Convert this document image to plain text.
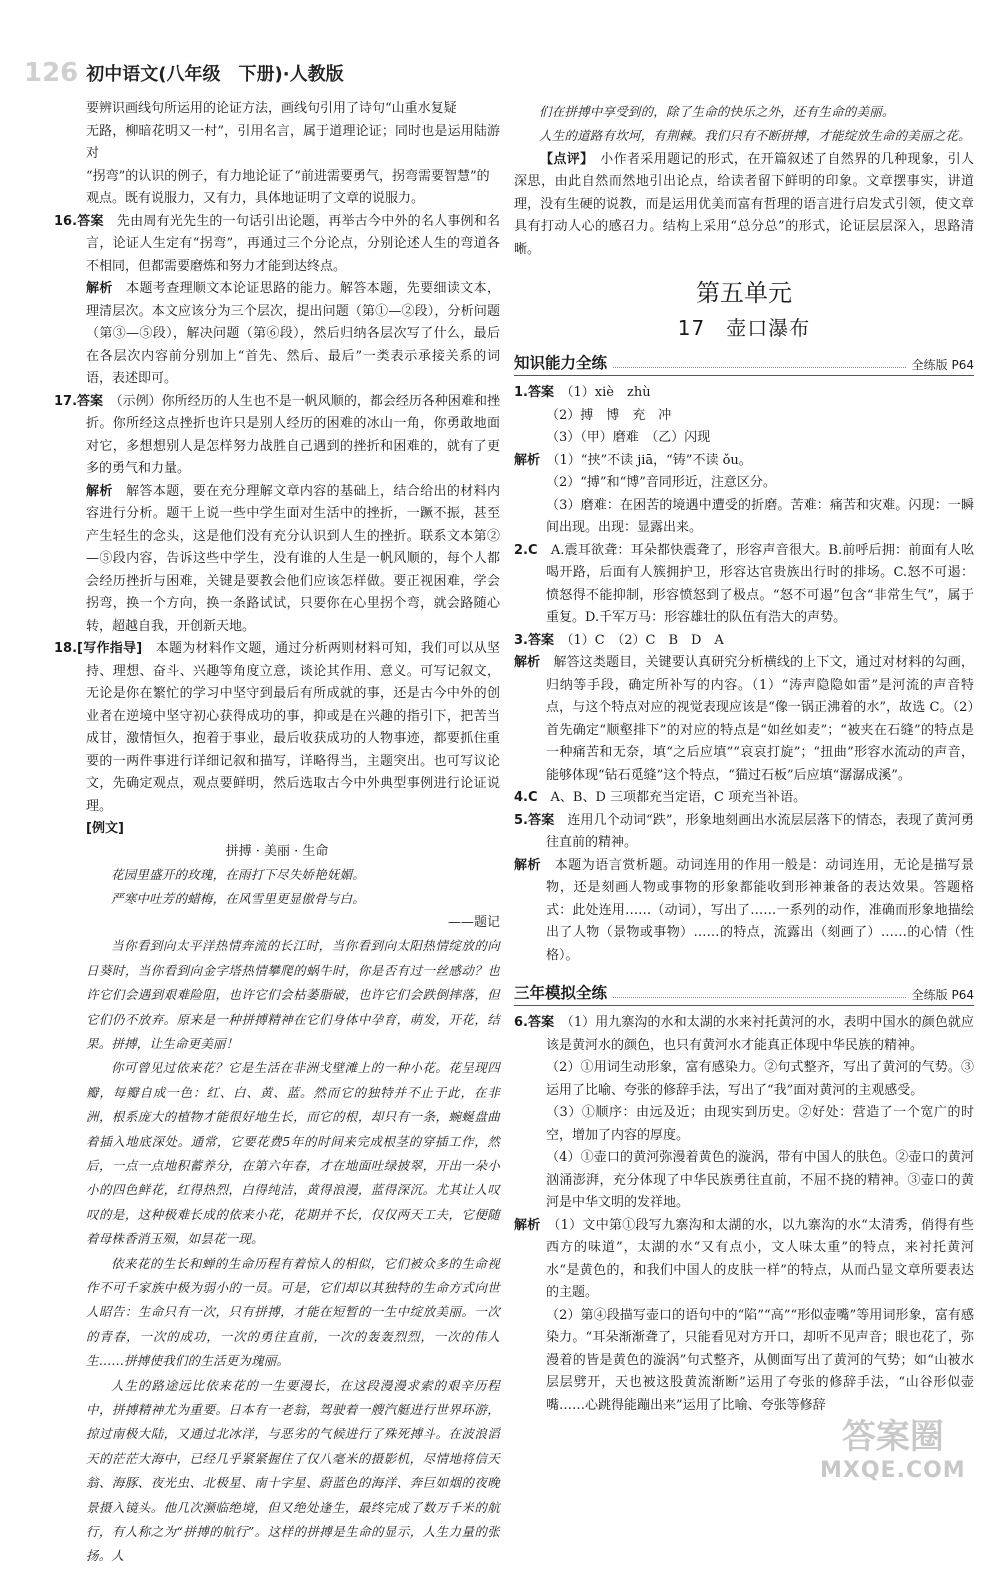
126 初中语文(八年级　下册)·人教版

要辨识画线句所运用的论证方法，画线句引用了诗句“山重水复疑

无路，柳暗花明又一村”，引用名言，属于道理论证；同时也是运用陆游对

“拐弯”的认识的例子，有力地论证了“前进需要勇气，拐弯需要智慧”的

观点。既有说服力，又有力，具体地证明了文章的说服力。

16.答案　 先由周有光先生的一句话引出论题，再举古今中外的名人事例和名言，论证人生定有“拐弯”，再通过三个分论点，分别论述人生的弯道各不相同，但都需要磨炼和努力才能到达终点。

解析　 本题考查理顺文本论证思路的能力。解答本题，先要细读文本，理清层次。本文应该分为三个层次，提出问题（第①—②段），分析问题（第③—⑤段），解决问题（第⑥段），然后归纳各层次写了什么，最后在各层次内容前分别加上“首先、然后、最后”一类表示承接关系的词语，表述即可。

17.答案　 （示例）你所经历的人生也不是一帆风顺的，都会经历各种困难和挫折。你所经这点挫折也许只是别人经历的困难的冰山一角，你勇敢地面对它，多想想别人是怎样努力战胜自己遇到的挫折和困难的，就有了更多的勇气和力量。

解析　 解答本题，要在充分理解文章内容的基础上，结合给出的材料内容进行分析。题干上说一些中学生面对生活中的挫折，一蹶不振，甚至产生轻生的念头，这是他们没有充分认识到人生的挫折。联系文本第②—⑤段内容，告诉这些中学生，没有谁的人生是一帆风顺的，每个人都会经历挫折与困难，关键是要教会他们应该怎样做。要正视困难，学会拐弯，换一个方向，换一条路试试，只要你在心里拐个弯，就会路随心转，超越自我，开创新天地。

18.[写作指导]　 本题为材料作文题，通过分析两则材料可知，我们可以从坚持、理想、奋斗、兴趣等角度立意，谈论其作用、意义。可写记叙文，无论是你在繁忙的学习中坚守到最后有所成就的事，还是古今中外的创业者在逆境中坚守初心获得成功的事，抑或是在兴趣的指引下，把苦当成甘，激情恒久，抱着于事业，最后收获成功的人物事迹，都要抓住重要的一两件事进行详细记叙和描写，详略得当，主题突出。也可写议论文，先确定观点，观点要鲜明，然后选取古今中外典型事例进行论证说理。

[例文]

拼搏 · 美丽 · 生命

花园里盛开的玫瑰，在雨打下尽失娇艳妩媚。

严寒中吐芳的蜡梅，在风雪里更显傲骨与白。

——题记

当你看到向太平洋热情奔流的长江时，当你看到向太阳热情绽放的向日葵时，当你看到向金字塔热情攀爬的蜗牛时，你是否有过一丝感动？也许它们会遇到艰难险阻，也许它们会枯萎脂破，也许它们会跌倒摔落，但它们仍不放弃。原来是一种拼搏精神在它们身体中孕育，萌发，开花，结果。拼搏，让生命更美丽！

你可曾见过依来花？它是生活在非洲戈壁滩上的一种小花。花呈现四瓣，每瓣自成一色：红、白、黄、蓝。然而它的独特并不止于此，在非洲，根系庞大的植物才能很好地生长，而它的根，却只有一条，蜿蜒盘曲着插入地底深处。通常，它要花费5年的时间来完成根茎的穿插工作，然后，一点一点地积蓄养分，在第六年春，才在地面吐绿披翠，开出一朵小小的四色鲜花，红得热烈，白得纯洁，黄得浪漫，蓝得深沉。尤其让人叹叹的是，这种极难长成的依来小花，花期并不长，仅仅两天工夫，它便随着母株香消玉殒，如昙花一现。

依来花的生长和蝉的生命历程有着惊人的相似，它们被众多的生命视作不可千家族中极为弱小的一员。可是，它们却以其独特的生命方式向世人昭告：生命只有一次，只有拼搏，才能在短暂的一生中绽放美丽。一次的青春，一次的成功，一次的勇往直前，一次的轰轰烈烈，一次的伟人生……拼搏使我们的生活更为瑰丽。

人生的路途远比依来花的一生要漫长，在这段漫漫求索的艰辛历程中，拼搏精神尤为重要。日本有一老翁，驾驶着一艘汽艇进行世界环游，掠过南极大陆，又通过北冰洋，与恶劣的气候进行了殊死搏斗。在波浪滔天的茫茫大海中，已经几乎紧紧握住了仅八毫米的摄影机，尽情地将信天翁、海豚、夜光虫、北极星、南十字星、蔚蓝色的海洋、奔巨如烟的夜晚景摄入镜头。他几次濒临绝境，但又绝处逢生，最终完成了数万千米的航行，有人称之为“拼搏的航行”。这样的拼搏是生命的显示，人生力量的张扬。人

们在拼搏中享受到的，除了生命的快乐之外，还有生命的美丽。

人生的道路有坎坷，有荆棘。我们只有不断拼搏，才能绽放生命的美丽之花。

【点评】　 小作者采用题记的形式，在开篇叙述了自然界的几种现象，引人深思，由此自然而然地引出论点，给读者留下鲜明的印象。文章摆事实，讲道理，没有生硬的说教，而是运用优美而富有哲理的语言进行启发式引领，使文章具有打动人心的感召力。结构上采用“总分总”的形式，论证层层深入，思路清晰。

第五单元
17　壶口瀑布
知识能力全练	全练版 P64

1.答案　 （1）xiè　zhù

（2）搏　博　充　冲

（3）（甲）磨难　（乙）闪现

解析　 （1）“挟”不读 jiā，“铸”不读 ǒu。

（2）“搏”和“博”音同形近，注意区分。

（3）磨难：在困苦的境遇中遭受的折磨。苦难：痛苦和灾难。闪现：一瞬间出现。出现：显露出来。

2.C　 A.震耳欲聋：耳朵都快震聋了，形容声音很大。B.前呼后拥：前面有人吆喝开路，后面有人簇拥护卫，形容达官贵族出行时的排场。C.怒不可遏：愤怒得不能抑制，形容愤怒到了极点。“怒不可遏”包含“非常生气”，属于重复。D.千军万马：形容雄壮的队伍有浩大的声势。

3.答案　 （1）C　（2）C　B　D　A

解析　 解答这类题目，关键要认真研究分析横线的上下文，通过对材料的勾画，归纳等手段，确定所补写的内容。（1）“涛声隐隐如雷”是河流的声音特点，与这个特点对应的视觉表现应该是“像一锅正沸着的水”，故选 C。（2）首先确定“顺壑排下”的对应的特点是“如丝如麦”；“被夹在石缝”的特点是一种痛苦和无奈，填“之后应填”“哀哀打旋”；“扭曲”形容水流动的声音，能够体现“钻石觅缝”这个特点，“猫过石板”后应填“潺潺成溪”。

4.C　 A、B、D 三项都充当定语，C 项充当补语。

5.答案　 连用几个动词“跌”，形象地刻画出水流层层落下的情态，表现了黄河勇往直前的精神。

解析　 本题为语言赏析题。动词连用的作用一般是：动词连用，无论是描写景物，还是刻画人物或事物的形象都能收到形神兼备的表达效果。答题格式：此处连用……（动词），写出了……一系列的动作，准确而形象地描绘出了人物（景物或事物）……的特点，流露出（刻画了）……的心情（性格）。

三年模拟全练	全练版 P64

6.答案　 （1）用九寨沟的水和太湖的水来衬托黄河的水，表明中国水的颜色就应该是黄河水的颜色，也只有黄河水才能真正体现中华民族的精神。

（2）①用词生动形象，富有感染力。②句式整齐，写出了黄河的气势。③运用了比喻、夸张的修辞手法，写出了“我”面对黄河的主观感受。

（3）①顺序：由远及近；由现实到历史。②好处：营造了一个宽广的时空，增加了内容的厚度。

（4）①壶口的黄河弥漫着黄色的漩涡，带有中国人的肤色。②壶口的黄河汹涌澎湃，充分体现了中华民族勇往直前，不屈不挠的精神。③壶口的黄河是中华文明的发祥地。

解析　 （1）文中第①段写九寨沟和太湖的水，以九寨沟的水“太清秀，俏得有些西方的味道”，太湖的水“又有点小，文人味太重”的特点，来衬托黄河水“是黄色的，和我们中国人的皮肤一样”的特点，从而凸显文章所要表达的主题。

（2）第④段描写壶口的语句中的“陷”“高”“形似壶嘴”等用词形象，富有感染力。“耳朵渐渐聋了，只能看见对方开口，却听不见声音；眼也花了，弥漫着的皆是黄色的漩涡”句式整齐，从侧面写出了黄河的气势；如“山被水层层劈开，天也被这股黄流渐断”运用了夸张的修辞手法，“山谷形似壶嘴……心跳得能蹦出来”运用了比喻、夸张等修辞

答案圈
MXQE.COM
